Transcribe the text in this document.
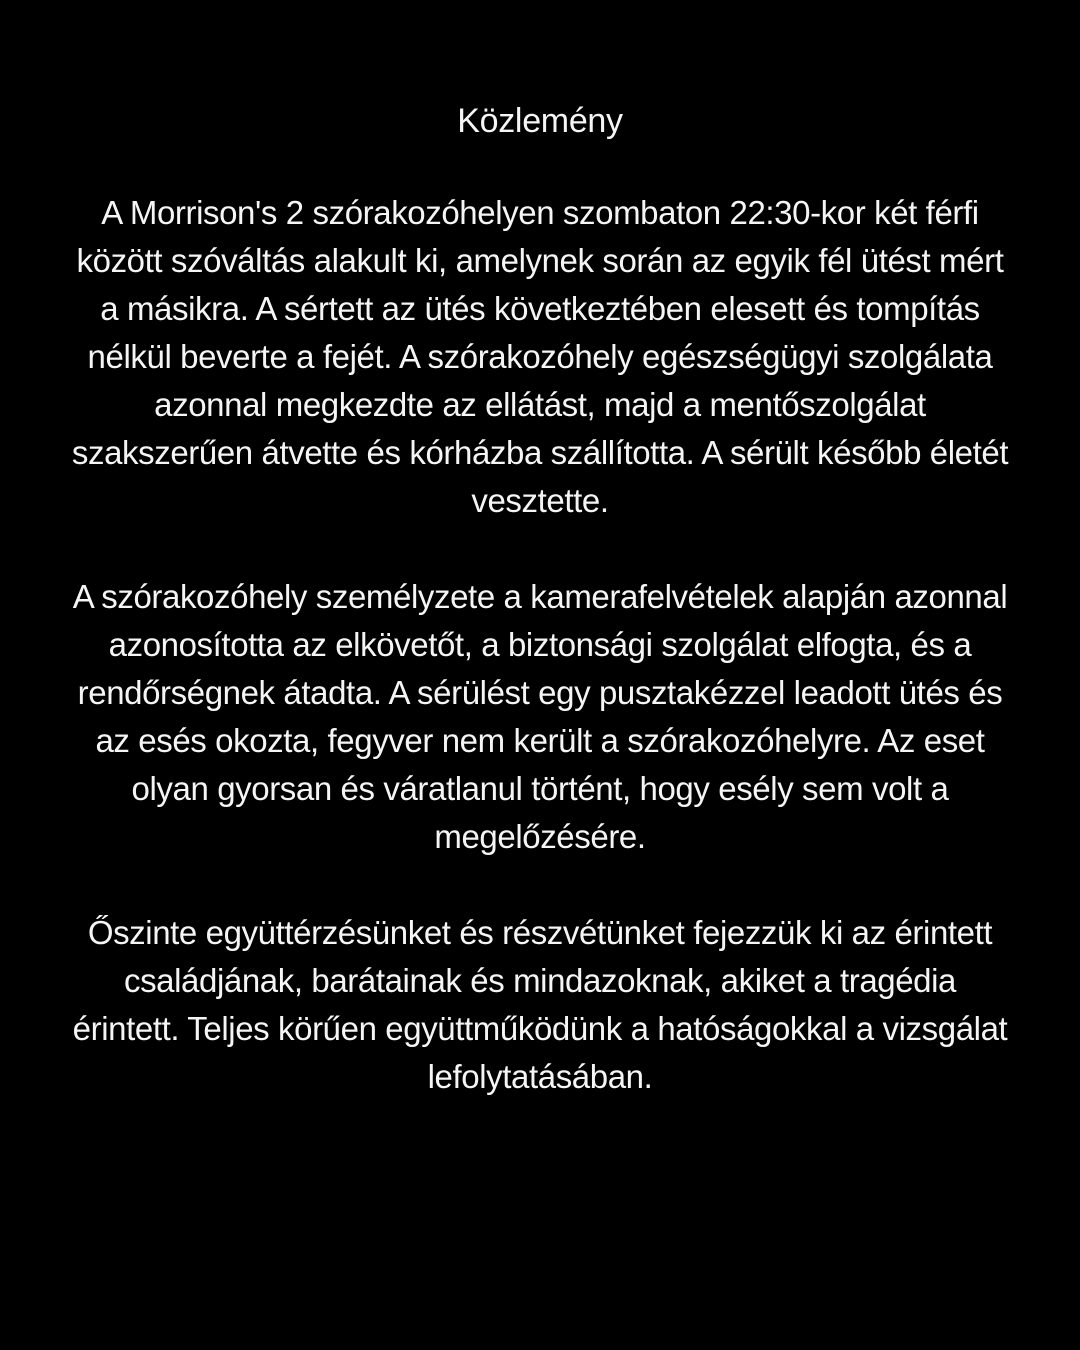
Közlemény

A Morrison's 2 szórakozóhelyen szombaton 22:30-kor két férfi között szóváltás alakult ki, amelynek során az egyik fél ütést mért a másikra. A sértett az ütés következtében elesett és tompítás nélkül beverte a fejét. A szórakozóhely egészségügyi szolgálata azonnal megkezdte az ellátást, majd a mentőszolgálat szakszerűen átvette és kórházba szállította. A sérült később életét vesztette.

A szórakozóhely személyzete a kamerafelvételek alapján azonnal azonosította az elkövetőt, a biztonsági szolgálat elfogta, és a rendőrségnek átadta. A sérülést egy pusztakézzel leadott ütés és az esés okozta, fegyver nem került a szórakozóhelyre. Az eset olyan gyorsan és váratlanul történt, hogy esély sem volt a megelőzésére.

Őszinte együttérzésünket és részvétünket fejezzük ki az érintett családjának, barátainak és mindazoknak, akiket a tragédia érintett. Teljes körűen együttműködünk a hatóságokkal a vizsgálat lefolytatásában.
